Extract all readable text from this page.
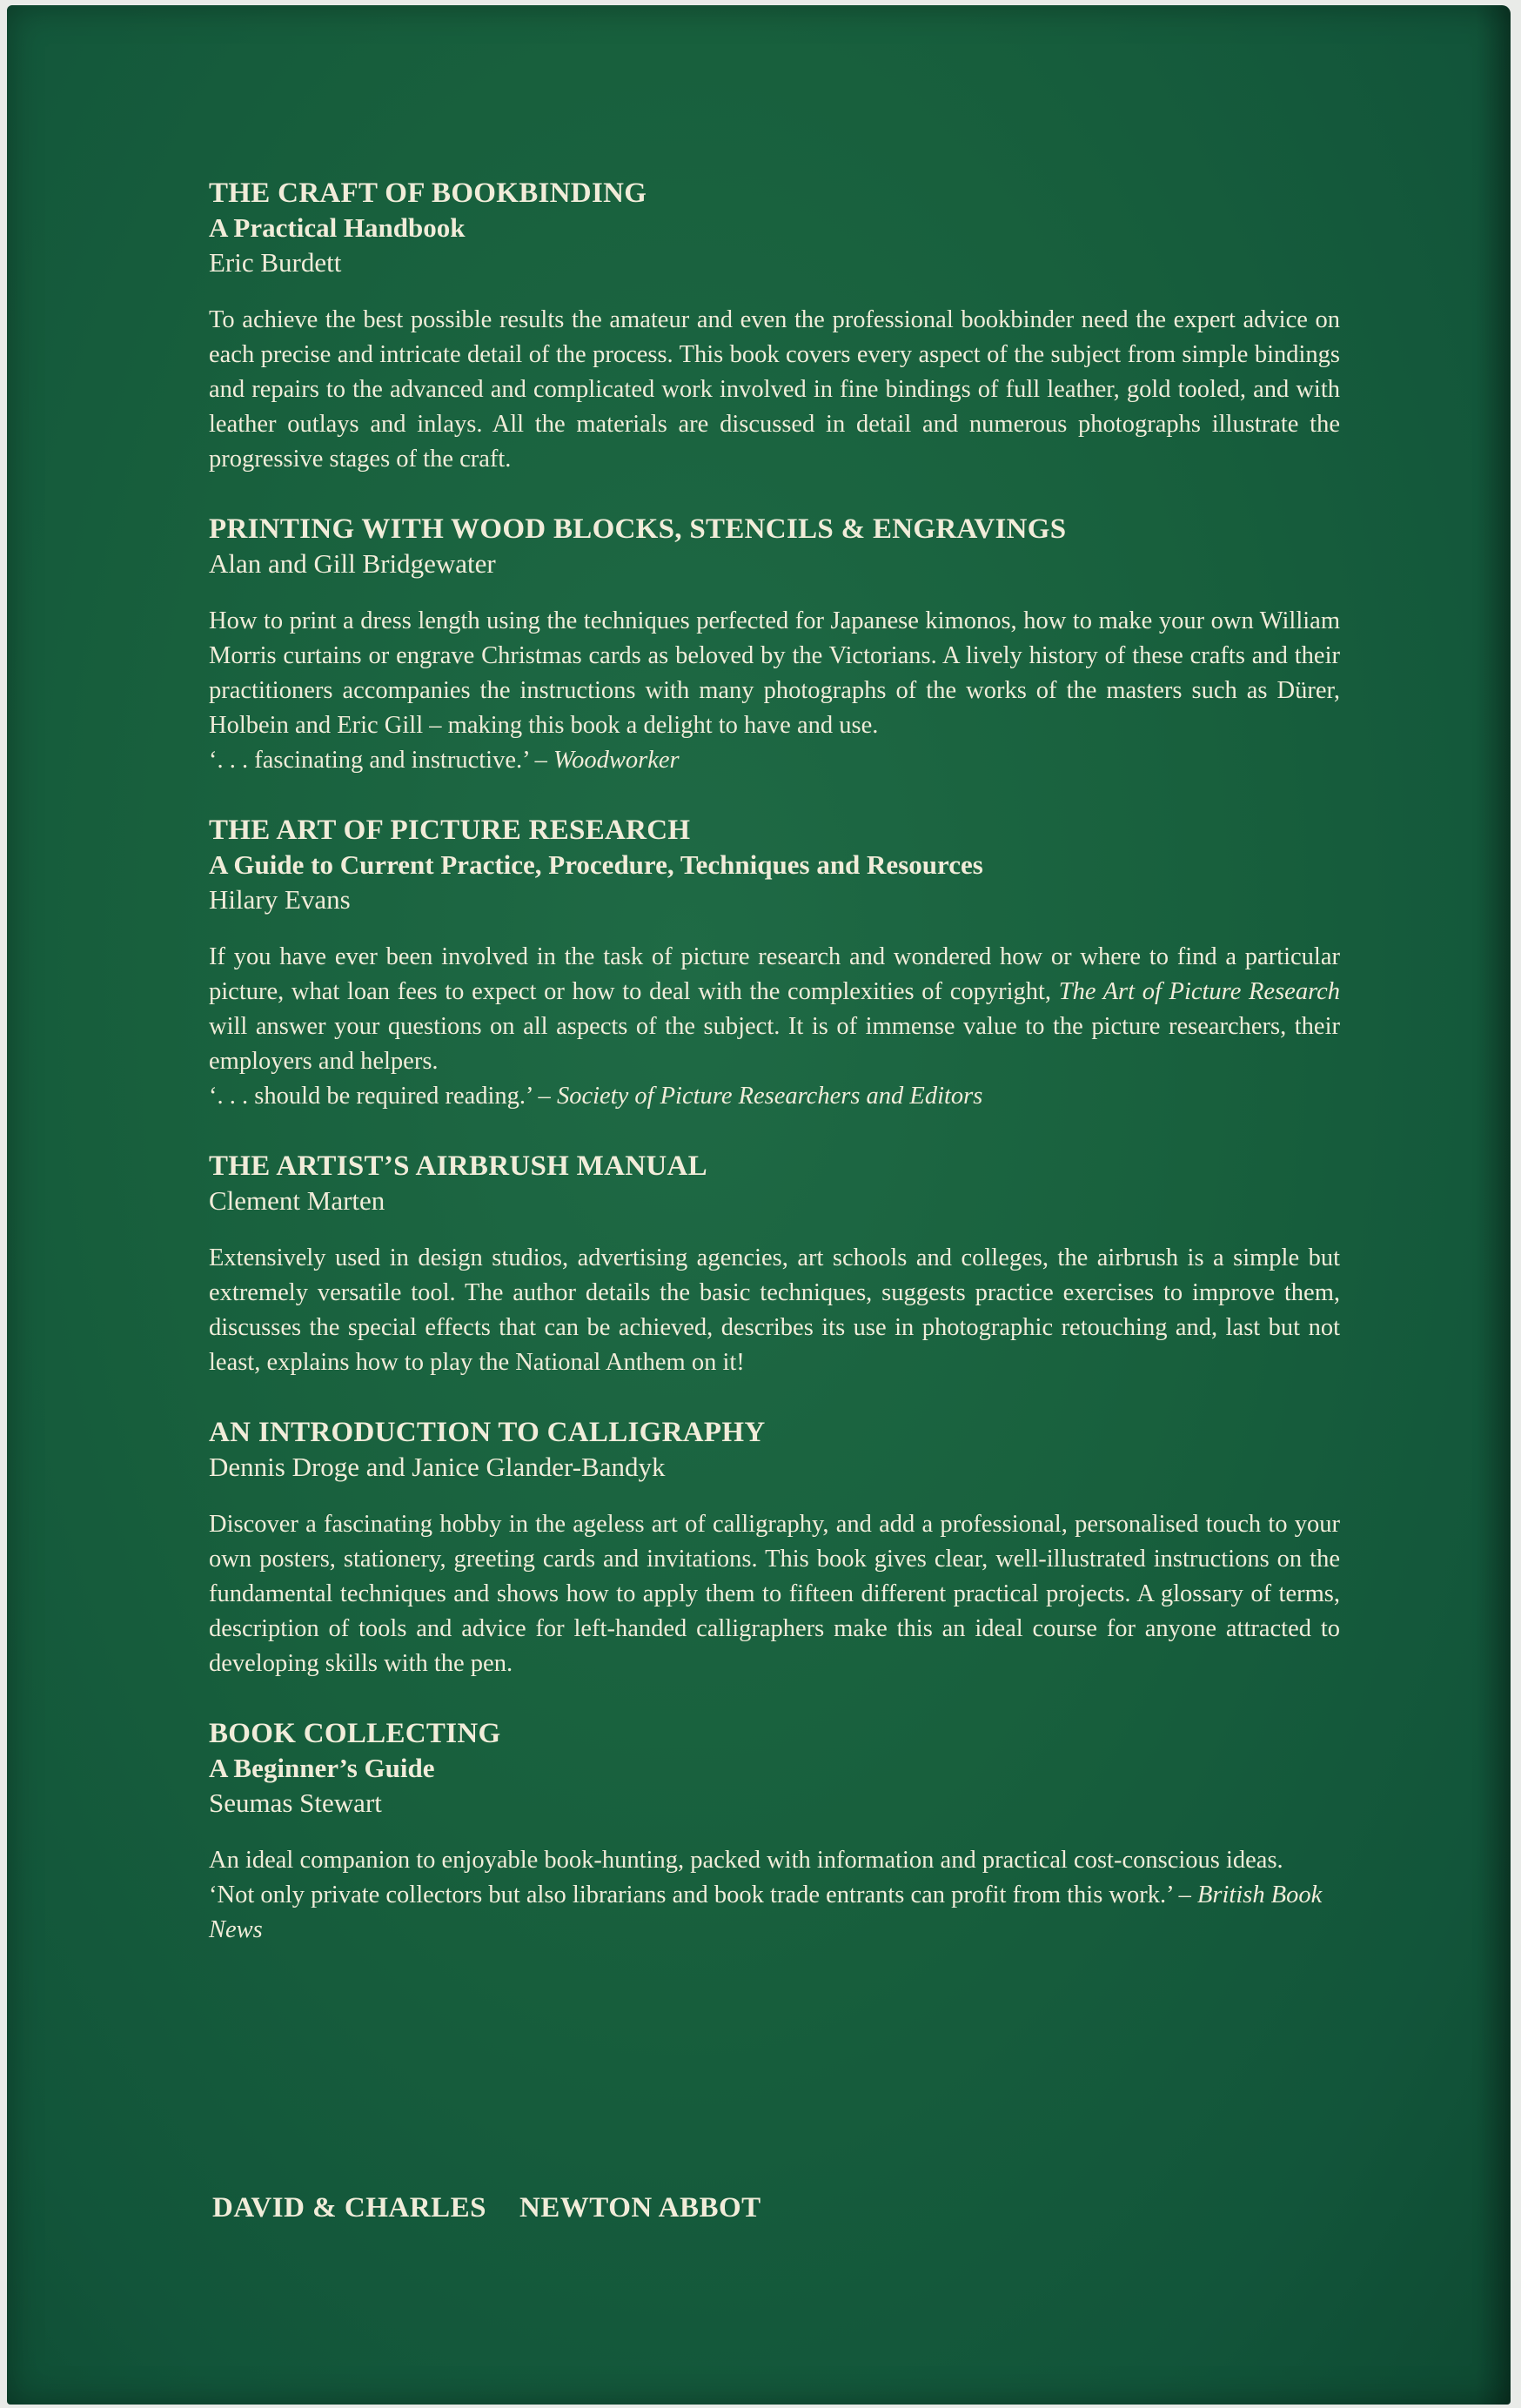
THE CRAFT OF BOOKBINDING
A Practical Handbook
Eric Burdett

To achieve the best possible results the amateur and even the professional bookbinder need the expert advice on each precise and intricate detail of the process. This book covers every aspect of the subject from simple bindings and repairs to the advanced and complicated work involved in fine bindings of full leather, gold tooled, and with leather outlays and inlays. All the materials are discussed in detail and numerous photographs illustrate the progressive stages of the craft.

PRINTING WITH WOOD BLOCKS, STENCILS & ENGRAVINGS
Alan and Gill Bridgewater

How to print a dress length using the techniques perfected for Japanese kimonos, how to make your own William Morris curtains or engrave Christmas cards as beloved by the Victorians. A lively history of these crafts and their practitioners accompanies the instructions with many photographs of the works of the masters such as Dürer, Holbein and Eric Gill – making this book a delight to have and use.

‘. . . fascinating and instructive.’ – Woodworker

THE ART OF PICTURE RESEARCH
A Guide to Current Practice, Procedure, Techniques and Resources
Hilary Evans

If you have ever been involved in the task of picture research and wondered how or where to find a particular picture, what loan fees to expect or how to deal with the complexities of copyright, The Art of Picture Research will answer your questions on all aspects of the subject. It is of immense value to the picture researchers, their employers and helpers.

‘. . . should be required reading.’ – Society of Picture Researchers and Editors

THE ARTIST’S AIRBRUSH MANUAL
Clement Marten

Extensively used in design studios, advertising agencies, art schools and colleges, the airbrush is a simple but extremely versatile tool. The author details the basic techniques, suggests practice exercises to improve them, discusses the special effects that can be achieved, describes its use in photographic retouching and, last but not least, explains how to play the National Anthem on it!

AN INTRODUCTION TO CALLIGRAPHY
Dennis Droge and Janice Glander-Bandyk

Discover a fascinating hobby in the ageless art of calligraphy, and add a professional, personalised touch to your own posters, stationery, greeting cards and invitations. This book gives clear, well-illustrated instructions on the fundamental techniques and shows how to apply them to fifteen different practical projects. A glossary of terms, description of tools and advice for left-handed calligraphers make this an ideal course for anyone attracted to developing skills with the pen.

BOOK COLLECTING
A Beginner’s Guide
Seumas Stewart

An ideal companion to enjoyable book-hunting, packed with information and practical cost-conscious ideas.

‘Not only private collectors but also librarians and book trade entrants can profit from this work.’ – British Book News

DAVID & CHARLES NEWTON ABBOT
